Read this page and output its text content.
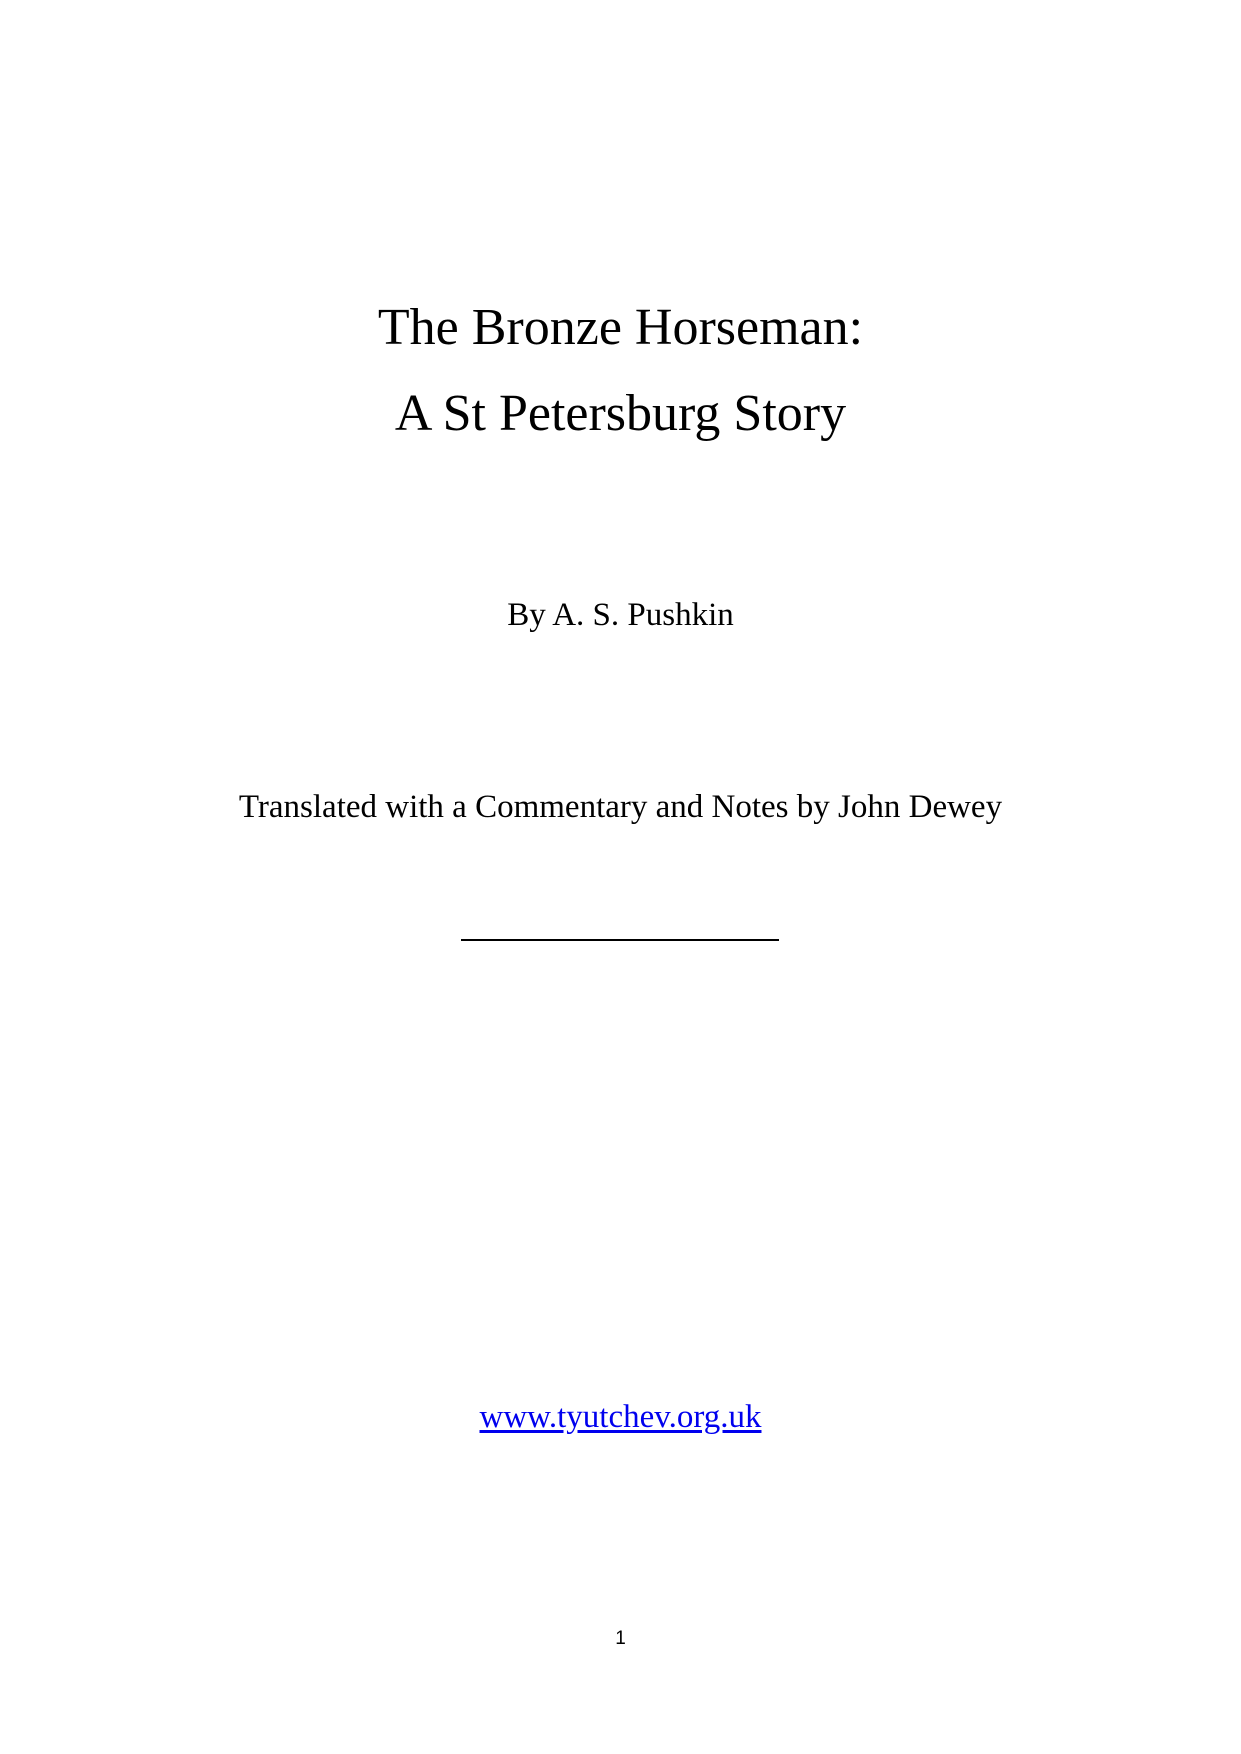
The Bronze Horseman:
A St Petersburg Story
By A. S. Pushkin
Translated with a Commentary and Notes by John Dewey
www.tyutchev.org.uk
1
